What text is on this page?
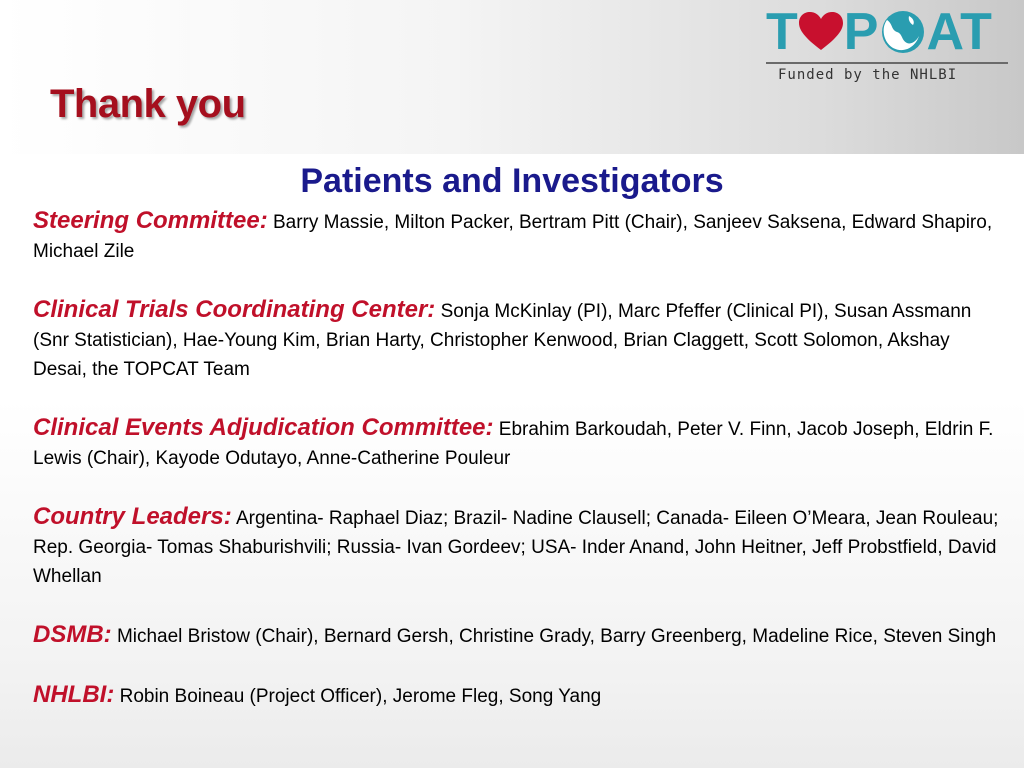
Thank you
T P AT
Funded by the NHLBI
Patients and Investigators
Steering Committee: Barry Massie, Milton Packer, Bertram Pitt (Chair), Sanjeev Saksena, Edward Shapiro, Michael Zile
Clinical Trials Coordinating Center: Sonja McKinlay (PI), Marc Pfeffer (Clinical PI), Susan Assmann (Snr Statistician), Hae-Young Kim, Brian Harty, Christopher Kenwood, Brian Claggett, Scott Solomon, Akshay Desai, the TOPCAT Team
Clinical Events Adjudication Committee: Ebrahim Barkoudah, Peter V. Finn, Jacob Joseph, Eldrin F. Lewis (Chair), Kayode Odutayo, Anne-Catherine Pouleur
Country Leaders: Argentina- Raphael Diaz; Brazil- Nadine Clausell; Canada- Eileen O’Meara, Jean Rouleau; Rep. Georgia- Tomas Shaburishvili; Russia- Ivan Gordeev; USA- Inder Anand, John Heitner, Jeff Probstfield, David Whellan
DSMB: Michael Bristow (Chair), Bernard Gersh, Christine Grady, Barry Greenberg, Madeline Rice, Steven Singh
NHLBI: Robin Boineau (Project Officer), Jerome Fleg, Song Yang
